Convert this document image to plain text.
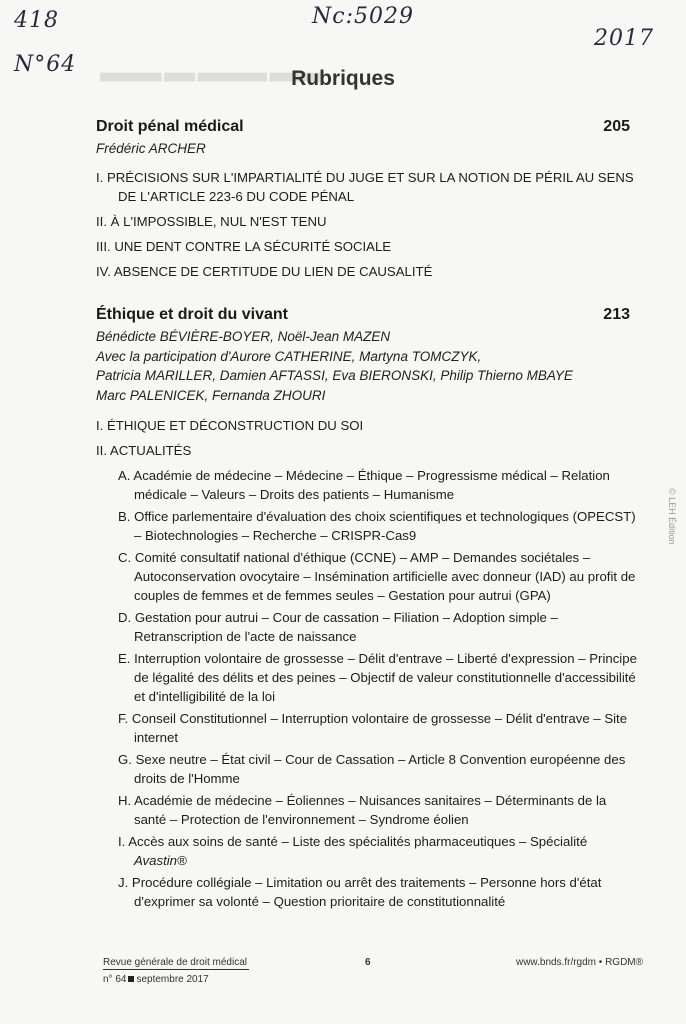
▆▆▆▆▆▆▆ ▆▆▆▆▆▆▆▆▆ ▆▆▆▆ ▆▆▆▆▆▆▆▆
418
N°64
Nc:5029
2017
Rubriques
Droit pénal médical	205
Frédéric ARCHER
I. PRÉCISIONS SUR L'IMPARTIALITÉ DU JUGE ET SUR LA NOTION DE PÉRIL AU SENS DE L'ARTICLE 223-6 DU CODE PÉNAL
II. À L'IMPOSSIBLE, NUL N'EST TENU
III. UNE DENT CONTRE LA SÉCURITÉ SOCIALE
IV. ABSENCE DE CERTITUDE DU LIEN DE CAUSALITÉ
Éthique et droit du vivant	213
Bénédicte BÉVIÈRE-BOYER, Noël-Jean MAZEN
Avec la participation d'Aurore CATHERINE, Martyna TOMCZYK,
Patricia MARILLER, Damien AFTASSI, Eva BIERONSKI, Philip Thierno MBAYE
Marc PALENICEK, Fernanda ZHOURI
I. ÉTHIQUE ET DÉCONSTRUCTION DU SOI
II. ACTUALITÉS
A. Académie de médecine – Médecine – Éthique – Progressisme médical – Relation médicale – Valeurs – Droits des patients – Humanisme
B. Office parlementaire d'évaluation des choix scientifiques et technologiques (OPECST) – Biotechnologies – Recherche – CRISPR-Cas9
C. Comité consultatif national d'éthique (CCNE) – AMP – Demandes sociétales – Autoconservation ovocytaire – Insémination artificielle avec donneur (IAD) au profit de couples de femmes et de femmes seules – Gestation pour autrui (GPA)
D. Gestation pour autrui – Cour de cassation – Filiation – Adoption simple – Retranscription de l'acte de naissance
E. Interruption volontaire de grossesse – Délit d'entrave – Liberté d'expression – Principe de légalité des délits et des peines – Objectif de valeur constitutionnelle d'accessibilité et d'intelligibilité de la loi
F. Conseil Constitutionnel – Interruption volontaire de grossesse – Délit d'entrave – Site internet
G. Sexe neutre – État civil – Cour de Cassation – Article 8 Convention européenne des droits de l'Homme
H. Académie de médecine – Éoliennes – Nuisances sanitaires – Déterminants de la santé – Protection de l'environnement – Syndrome éolien
I. Accès aux soins de santé – Liste des spécialités pharmaceutiques – Spécialité
Avastin®
J. Procédure collégiale – Limitation ou arrêt des traitements – Personne hors d'état d'exprimer sa volonté – Question prioritaire de constitutionnalité
© LEH Édition
Revue générale de droit médical
n° 64 septembre 2017
6	www.bnds.fr/rgdm • RGDM®
